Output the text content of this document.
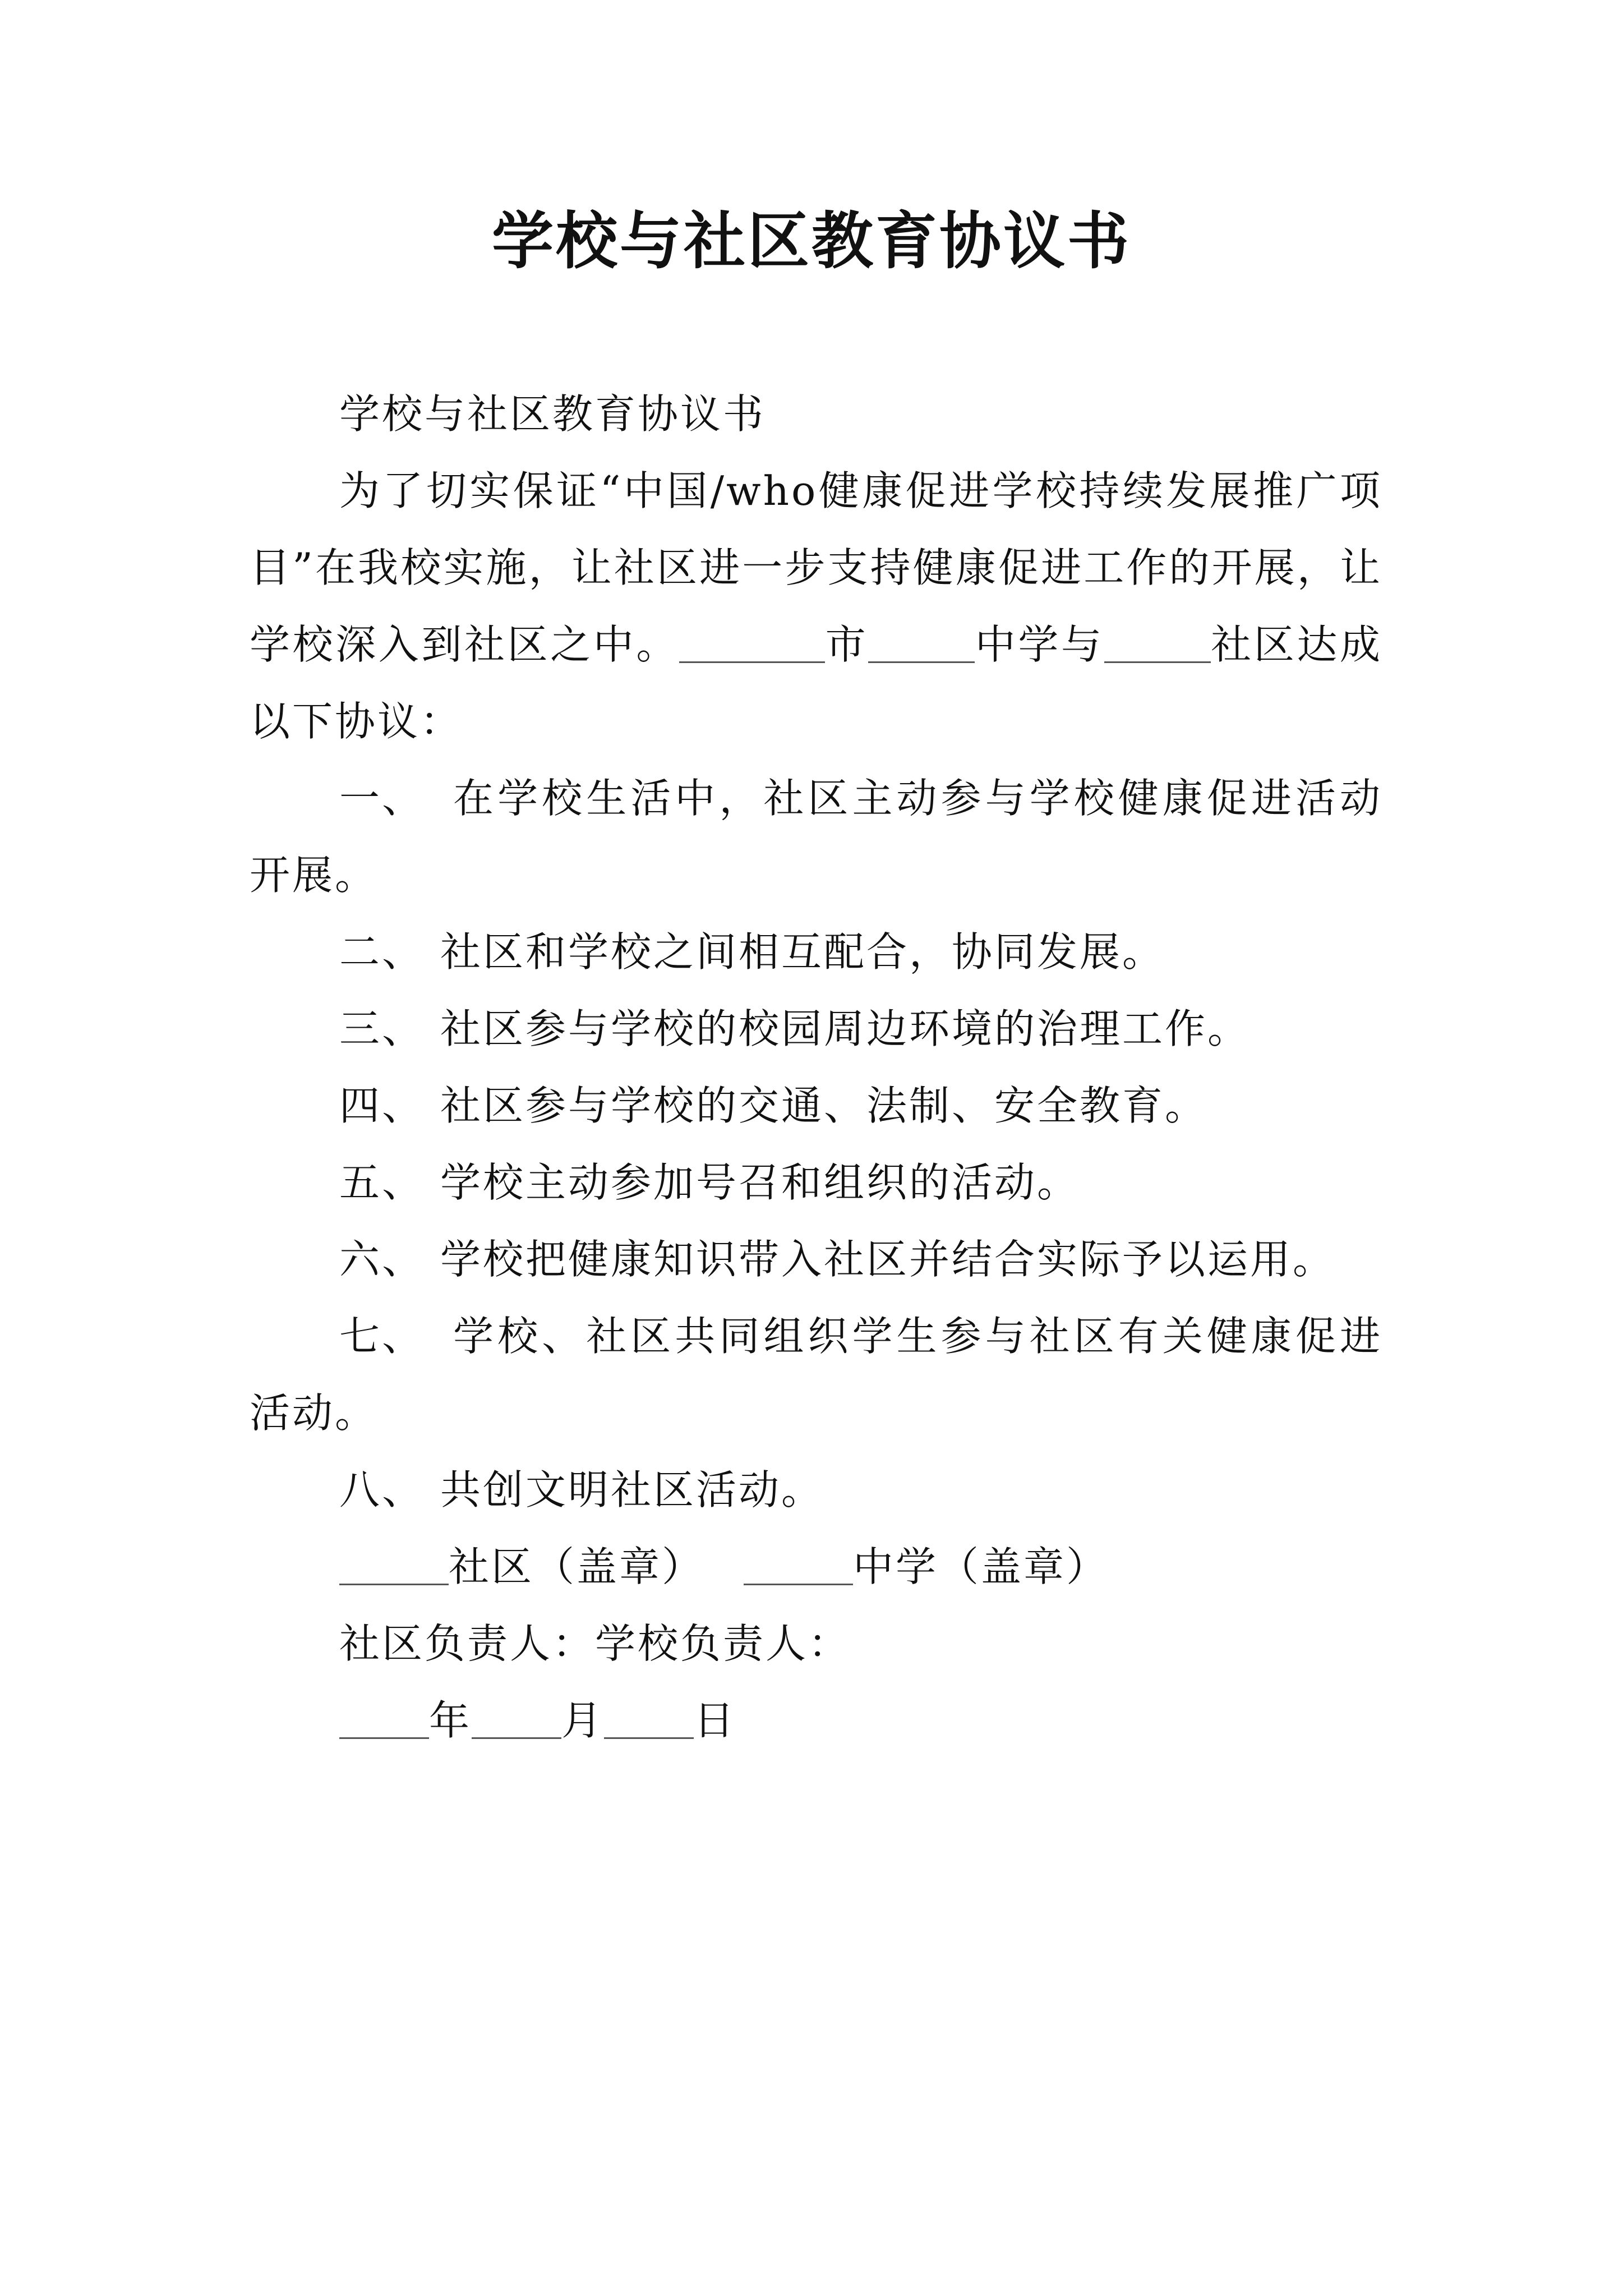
学校与社区教育协议书

学校与社区教育协议书

为了切实保证“中国/who健康促进学校持续发展推广项目”在我校实施，让社区进一步支持健康促进工作的开展，让学校深入到社区之中。	市	中学与	社区达成以下协议：

一、 在学校生活中，社区主动参与学校健康促进活动开展。

二、 社区和学校之间相互配合，协同发展。

三、 社区参与学校的校园周边环境的治理工作。

四、 社区参与学校的交通、法制、安全教育。

五、 学校主动参加号召和组织的活动。

六、 学校把健康知识带入社区并结合实际予以运用。

七、 学校、社区共同组织学生参与社区有关健康促进活动。

八、 共创文明社区活动。

社区（盖章）	中学（盖章）

社区负责人：学校负责人：

年 月 日
